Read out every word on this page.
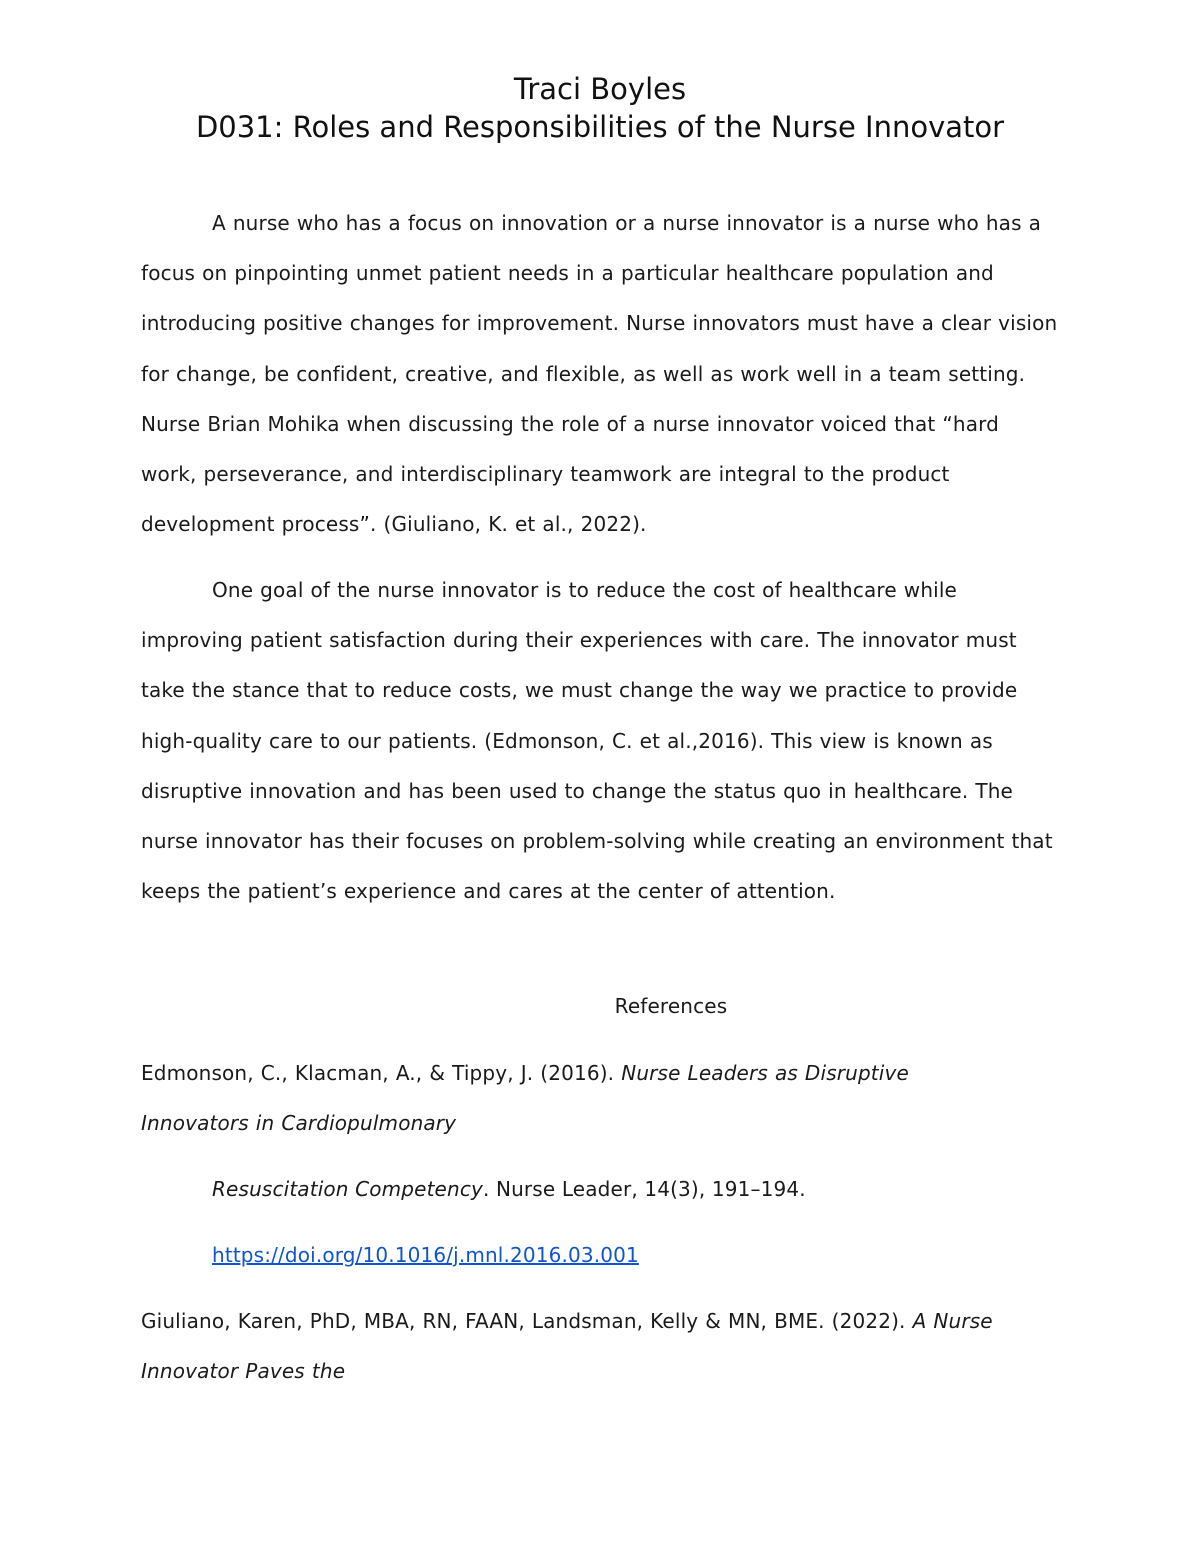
Traci Boyles
D031: Roles and Responsibilities of the Nurse Innovator

A nurse who has a focus on innovation or a nurse innovator is a nurse who has a focus on pinpointing unmet patient needs in a particular healthcare population and introducing positive changes for improvement. Nurse innovators must have a clear vision for change, be confident, creative, and flexible, as well as work well in a team setting. Nurse Brian Mohika when discussing the role of a nurse innovator voiced that “hard work, perseverance, and interdisciplinary teamwork are integral to the product development process”. (Giuliano, K. et al., 2022).

One goal of the nurse innovator is to reduce the cost of healthcare while improving patient satisfaction during their experiences with care. The innovator must take the stance that to reduce costs, we must change the way we practice to provide high-quality care to our patients. (Edmonson, C. et al.,2016). This view is known as disruptive innovation and has been used to change the status quo in healthcare. The nurse innovator has their focuses on problem-solving while creating an environment that keeps the patient’s experience and cares at the center of attention.

References
Edmonson, C., Klacman, A., & Tippy, J. (2016). Nurse Leaders as Disruptive
Innovators in Cardiopulmonary
Resuscitation Competency. Nurse Leader, 14(3), 191–194.
https://doi.org/10.1016/j.mnl.2016.03.001
Giuliano, Karen, PhD, MBA, RN, FAAN, Landsman, Kelly & MN, BME. (2022). A Nurse
Innovator Paves the
